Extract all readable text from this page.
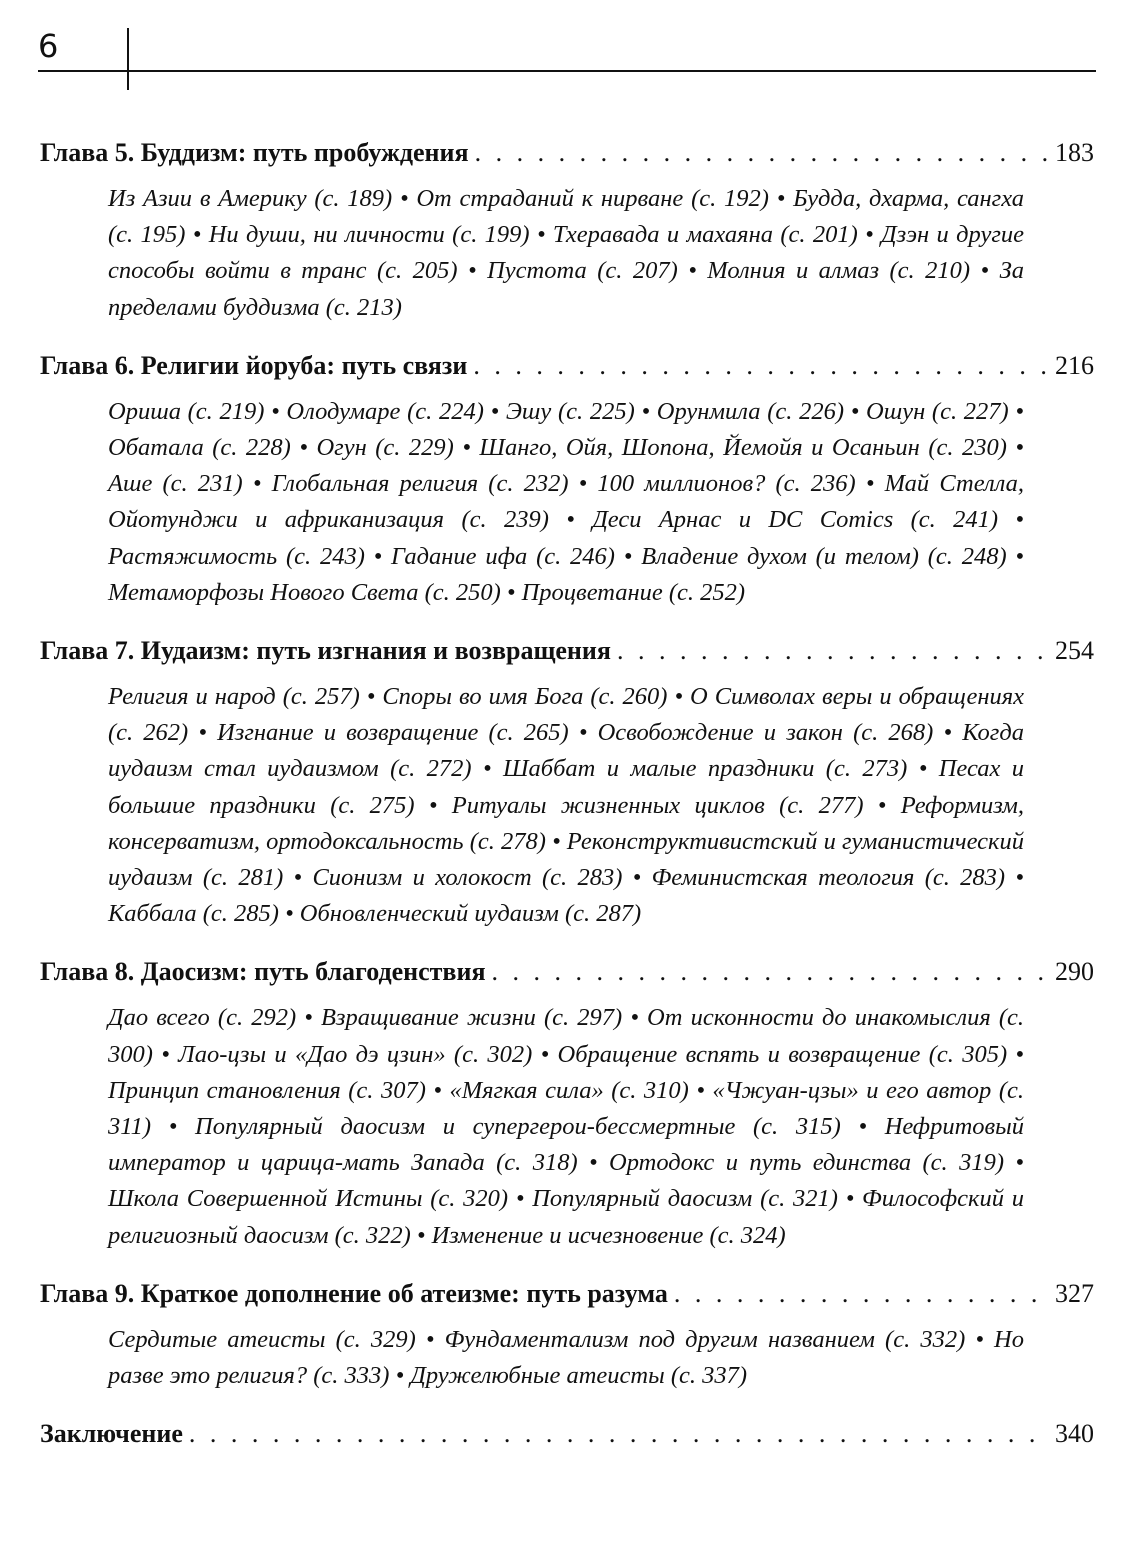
6
Глава 5. Буддизм: путь пробуждения . . .	183
Из Азии в Америку (с. 189) • От страданий к нирване (с. 192) • Будда, дхарма, сангха (с. 195) • Ни души, ни личности (с. 199) • Тхеравада и махаяна (с. 201) • Дзэн и другие способы войти в транс (с. 205) • Пустота (с. 207) • Молния и алмаз (с. 210) • За пределами буддизма (с. 213)
Глава 6. Религии йоруба: путь связи . . .	216
Ориша (с. 219) • Олодумаре (с. 224) • Эшу (с. 225) • Орунмила (с. 226) • Ошун (с. 227) • Обатала (с. 228) • Огун (с. 229) • Шанго, Ойя, Шопона, Йемойя и Осаньин (с. 230) • Аше (с. 231) • Глобальная религия (с. 232) • 100 миллионов? (с. 236) • Май Стелла, Ойотунджи и африканизация (с. 239) • Деси Арнас и DC Comics (с. 241) • Растяжимость (с. 243) • Гадание ифа (с. 246) • Владение духом (и телом) (с. 248) • Метаморфозы Нового Света (с. 250) • Процветание (с. 252)
Глава 7. Иудаизм: путь изгнания и возвращения . . .	254
Религия и народ (с. 257) • Споры во имя Бога (с. 260) • О Символах веры и обращениях (с. 262) • Изгнание и возвращение (с. 265) • Освобождение и закон (с. 268) • Когда иудаизм стал иудаизмом (с. 272) • Шаббат и малые праздники (с. 273) • Песах и большие праздники (с. 275) • Ритуалы жизненных циклов (с. 277) • Реформизм, консерватизм, ортодоксальность (с. 278) • Реконструктивистский и гуманистический иудаизм (с. 281) • Сионизм и холокост (с. 283) • Феминистская теология (с. 283) • Каббала (с. 285) • Обновленческий иудаизм (с. 287)
Глава 8. Даосизм: путь благоденствия . . .	290
Дао всего (с. 292) • Взращивание жизни (с. 297) • От исконности до инакомыслия (с. 300) • Лао-цзы и «Дао дэ цзин» (с. 302) • Обращение вспять и возвращение (с. 305) • Принцип становления (с. 307) • «Мягкая сила» (с. 310) • «Чжуан-цзы» и его автор (с. 311) • Популярный даосизм и супергерои-бессмертные (с. 315) • Нефритовый император и царица-мать Запада (с. 318) • Ортодокс и путь единства (с. 319) • Школа Совершенной Истины (с. 320) • Популярный даосизм (с. 321) • Философский и религиозный даосизм (с. 322) • Изменение и исчезновение (с. 324)
Глава 9. Краткое дополнение об атеизме: путь разума . . .	327
Сердитые атеисты (с. 329) • Фундаментализм под другим названием (с. 332) • Но разве это религия? (с. 333) • Дружелюбные атеисты (с. 337)
Заключение . . .	340
